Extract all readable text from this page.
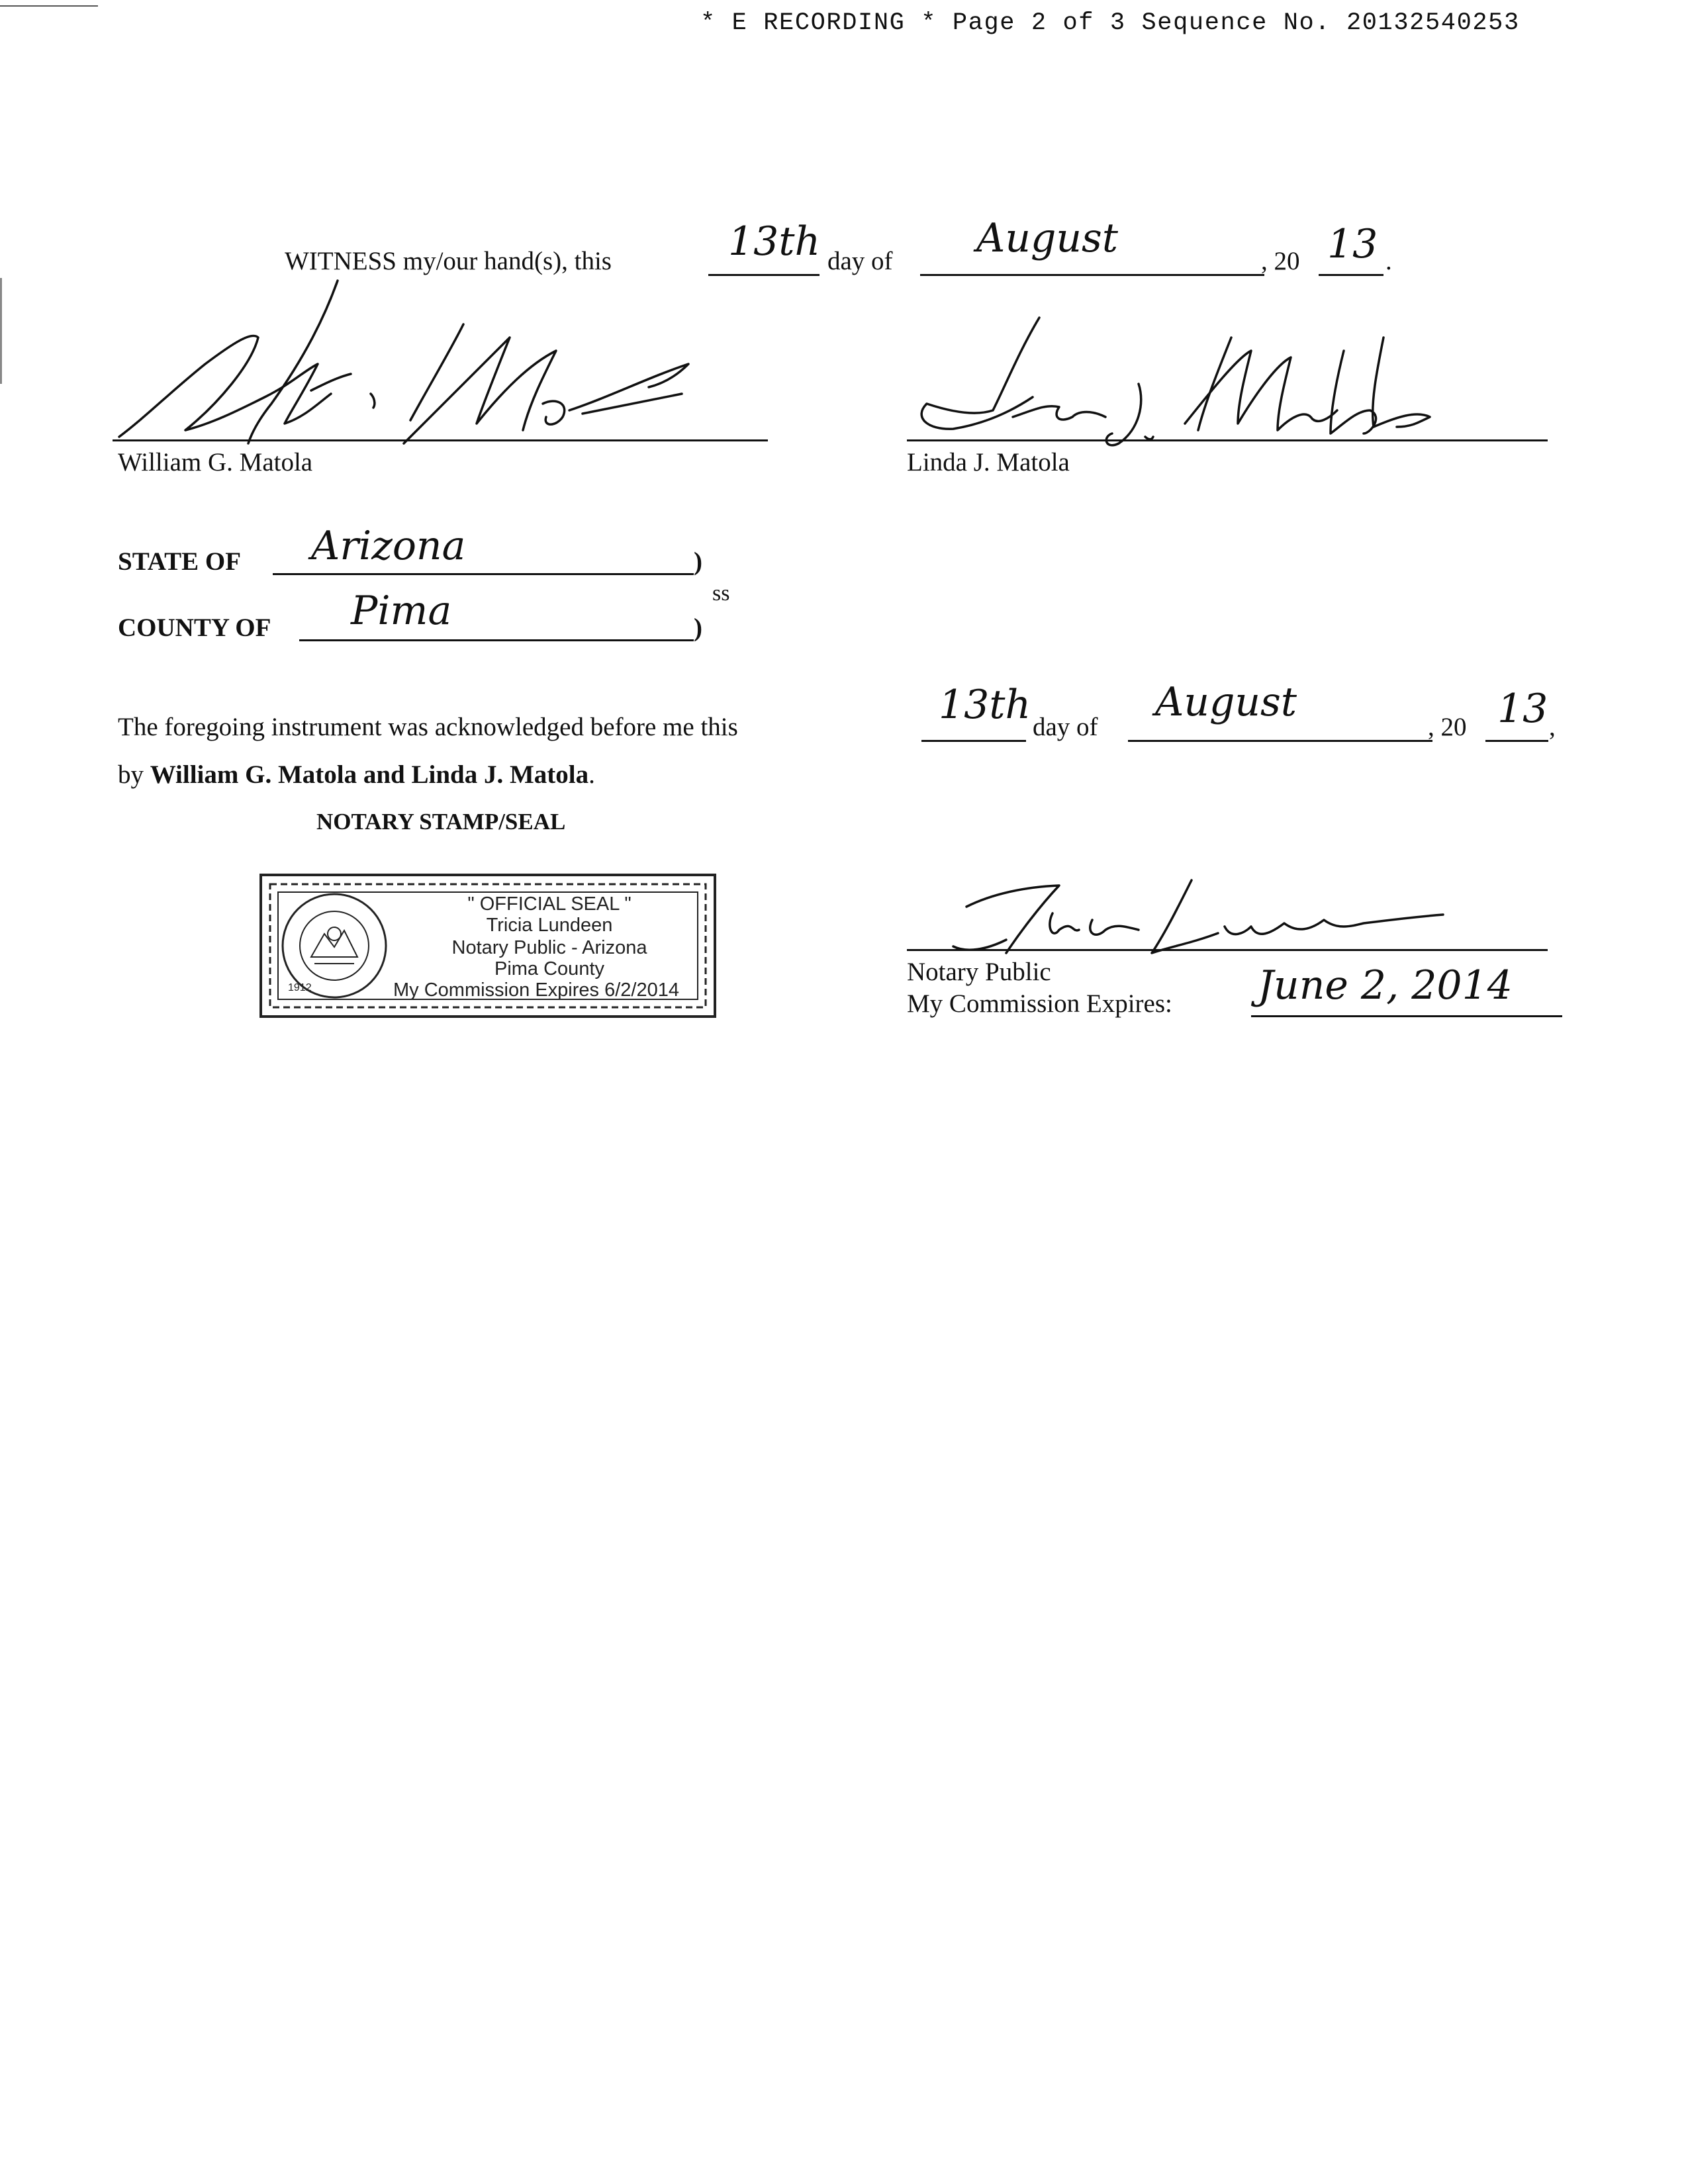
* E RECORDING * Page 2 of 3 Sequence No. 20132540253
WITNESS my/our hand(s), this	13th day of August	, 20 13 .
William G. Matola	Linda J. Matola
STATE OF Arizona	)
ss
COUNTY OF Pima	)
The foregoing instrument was acknowledged before me this	13th day of
August
, 20 13 ,
by William G. Matola and Linda J. Matola.
NOTARY STAMP/SEAL
1912
" OFFICIAL SEAL "
Tricia Lundeen
Notary Public - Arizona
Pima County
My Commission Expires 6/2/2014
Notary Public
My Commission Expires: June 2, 2014
